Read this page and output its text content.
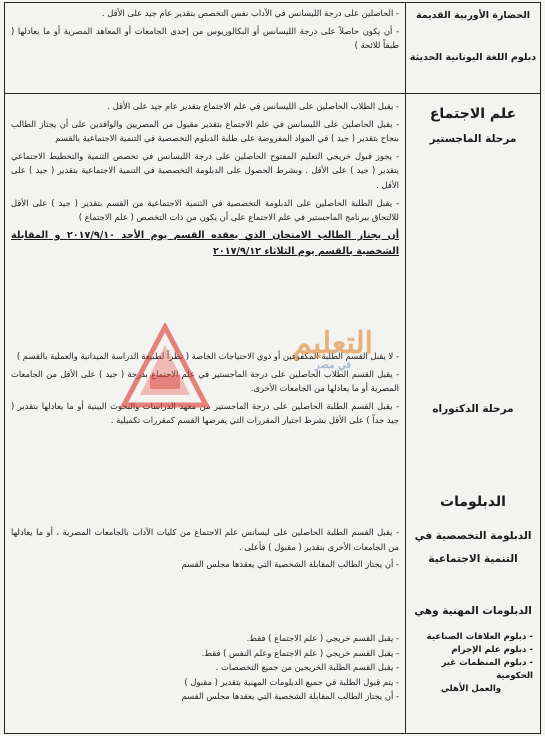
الحضارة الأوربية القديمة
دبلوم اللغة اليونانية الحديثة
علم الاجتماع
مرحلة الماجستير
مرحلة الدكتوراه
الدبلومات
الدبلومة التخصصية في
التنمية الاجتماعية
الدبلومات المهنية وهي
- دبلوم العلاقات الصناعية
- دبلوم علم الإجرام
- دبلوم المنظمات غير الحكومية
والعمل الأهلي

- الحاصلين على درجة الليسانس في الآداب نفس التخصص بتقدير عام جيد على الأقل .

- أن يكون حاصلاً على درجة الليسانس أو البكالوريوس من إحدى الجامعات أو المعاهد المصرية أو ما يعادلها ( طبقاً للائحة )

- يقبل الطلاب الحاصلين على الليسانس في علم الاجتماع بتقدير عام جيد على الأقل .

- يقبل الحاصلين على الليسانس في علم الاجتماع بتقدير مقبول من المصريين والوافدين على أن يجتاز الطالب بنجاح بتقدير ( جيد ) في المواد المفروضة على طلبة الدبلوم التخصصية في التنمية الاجتماعية بالقسم

- يجوز قبول خريجي التعليم المفتوح الحاصلين على درجة الليسانس في تخصص التنمية والتخطيط الاجتماعي بتقدير ( جيد ) على الأقل . وبشرط الحصول على الدبلومة التخصصية في التنمية الاجتماعية بتقدير ( جيد ) على الأقل .

- يقبل الطلبة الحاصلين على الدبلومة التخصصية في التنمية الاجتماعية من القسم بتقدير ( جيد ) على الأقل للالتحاق ببرنامج الماجستير في علم الاجتماع على أن يكون من ذات التخصص ( علم الاجتماع )

أن يجتاز الطالب الامتحان الذي يعقده القسم يوم الأحد ٢٠١٧/٩/١٠ و المقابلة الشخصية بالقسم يوم الثلاثاء ٢٠١٧/٩/١٢

- لا يقبل القسم الطلبة المكفوفين أو ذوي الاحتياجات الخاصة ( نظراً لطبيعة الدراسة الميدانية والعملية بالقسم )

- يقبل القسم الطلاب الحاصلين على درجة الماجستير في علم الاجتماع بدرجة ( جيد ) على الأقل من الجامعات المصرية أو ما يعادلها من الجامعات الأخرى.

- يقبل القسم الطلبة الحاصلين على درجة الماجستير من معهد الدراسات والبحوث البينية أو ما يعادلها بتقدير ( جيد جداً ) على الأقل بشرط اجتياز المقررات التي يفرضها القسم كمقررات تكميلية .

- يقبل القسم الطلبة الحاصلين على ليسانس علم الاجتماع من كليات الآداب بالجامعات المصرية ، أو ما يعادلها من الجامعات الأخرى بتقدير ( مقبول ) فأعلى .

- أن يجتاز الطالب المقابلة الشخصية التي يعقدها مجلس القسم

- يقبل القسم خريجي ( علم الاجتماع ) فقط.

- يقبل القسم خريجي ( علم الاجتماع وعلم النفس ) فقط.

- يقبل القسم الطلبة الخريجين من جميع التخصصات .

- يتم قبول الطلبة في جميع الدبلومات المهنية بتقدير ( مقبول )

- أن يجتاز الطالب المقابلة الشخصية التي يعقدها مجلس القسم

التعليم
في مصر
